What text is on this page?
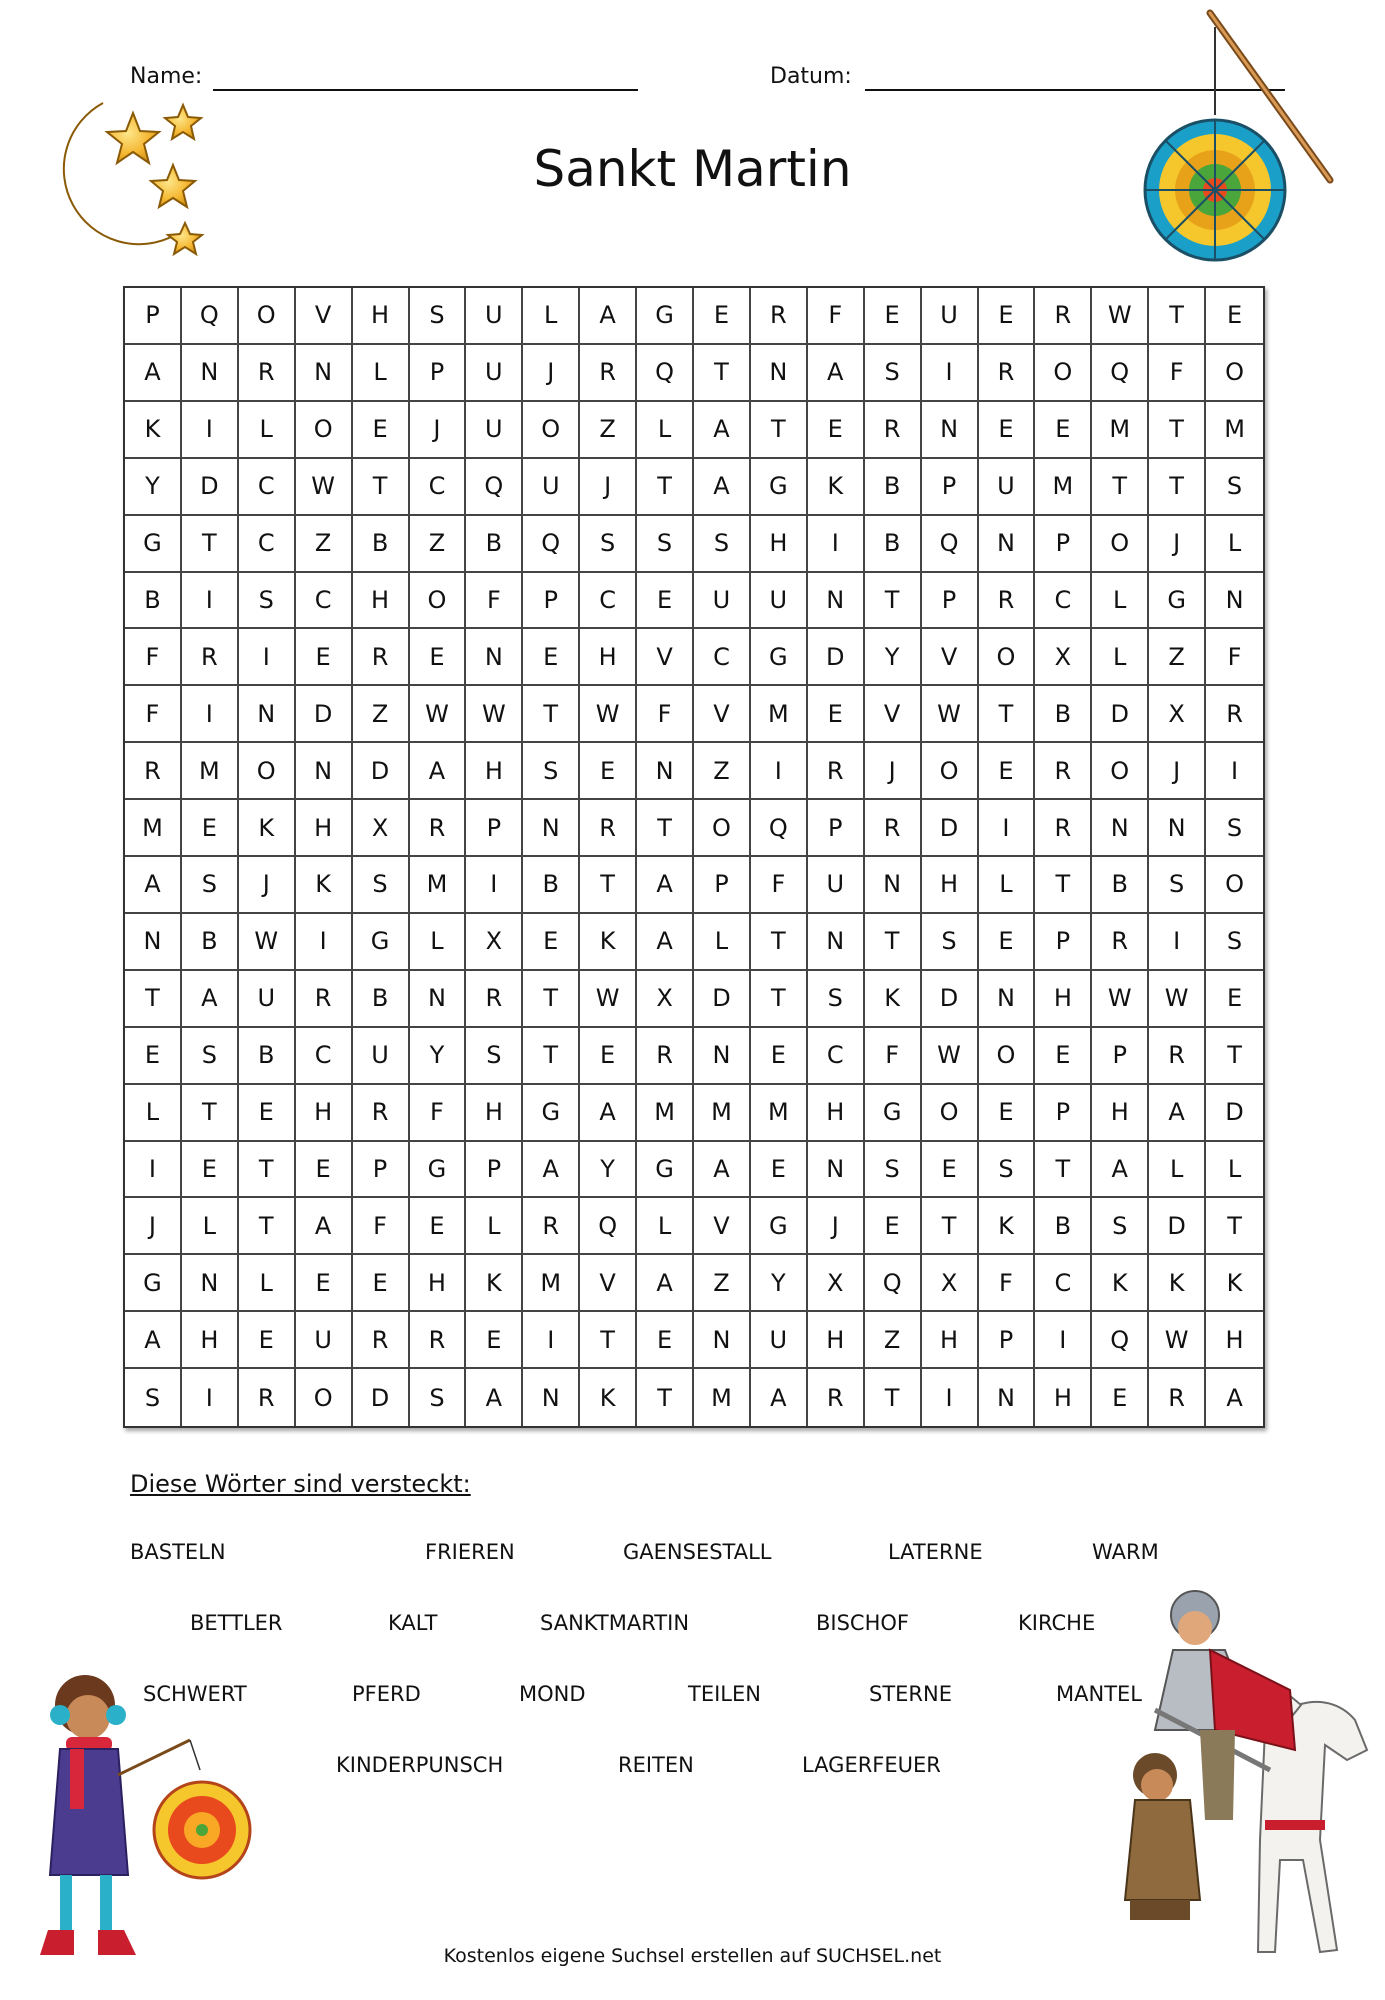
Name:	Datum:
Sankt Martin
P	Q	O	V	H	S	U	L	A	G	E	R	F	E	U	E	R	W	T	E
A	N	R	N	L	P	U	J	R	Q	T	N	A	S	I	R	O	Q	F	O
K	I	L	O	E	J	U	O	Z	L	A	T	E	R	N	E	E	M	T	M
Y	D	C	W	T	C	Q	U	J	T	A	G	K	B	P	U	M	T	T	S
G	T	C	Z	B	Z	B	Q	S	S	S	H	I	B	Q	N	P	O	J	L
B	I	S	C	H	O	F	P	C	E	U	U	N	T	P	R	C	L	G	N
F	R	I	E	R	E	N	E	H	V	C	G	D	Y	V	O	X	L	Z	F
F	I	N	D	Z	W	W	T	W	F	V	M	E	V	W	T	B	D	X	R
R	M	O	N	D	A	H	S	E	N	Z	I	R	J	O	E	R	O	J	I
M	E	K	H	X	R	P	N	R	T	O	Q	P	R	D	I	R	N	N	S
A	S	J	K	S	M	I	B	T	A	P	F	U	N	H	L	T	B	S	O
N	B	W	I	G	L	X	E	K	A	L	T	N	T	S	E	P	R	I	S
T	A	U	R	B	N	R	T	W	X	D	T	S	K	D	N	H	W	W	E
E	S	B	C	U	Y	S	T	E	R	N	E	C	F	W	O	E	P	R	T
L	T	E	H	R	F	H	G	A	M	M	M	H	G	O	E	P	H	A	D
I	E	T	E	P	G	P	A	Y	G	A	E	N	S	E	S	T	A	L	L
J	L	T	A	F	E	L	R	Q	L	V	G	J	E	T	K	B	S	D	T
G	N	L	E	E	H	K	M	V	A	Z	Y	X	Q	X	F	C	K	K	K
A	H	E	U	R	R	E	I	T	E	N	U	H	Z	H	P	I	Q	W	H
S	I	R	O	D	S	A	N	K	T	M	A	R	T	I	N	H	E	R	A
Diese Wörter sind versteckt:
BASTELN	FRIEREN	GAENSESTALL	LATERNE	WARM
BETTLER	KALT	SANKTMARTIN	BISCHOF	KIRCHE
SCHWERT	PFERD	MOND	TEILEN	STERNE	MANTEL
KINDERPUNSCH	REITEN	LAGERFEUER
Kostenlos eigene Suchsel erstellen auf SUCHSEL.net
